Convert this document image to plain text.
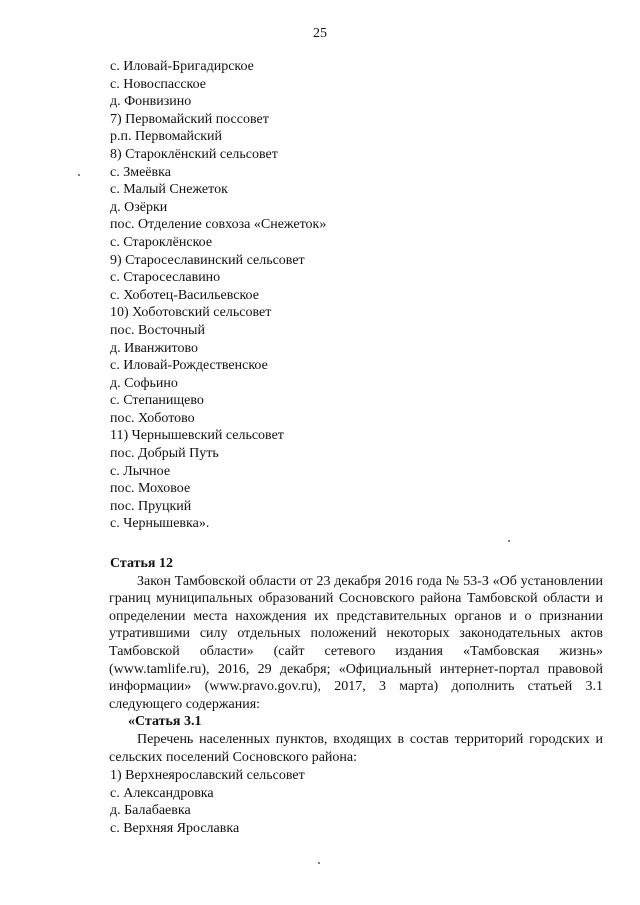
25
с. Иловай-Бригадирское
с. Новоспасское
д. Фонвизино
7) Первомайский поссовет
р.п. Первомайский
8) Староклёнский сельсовет
с. Змеёвка
с. Малый Снежеток
д. Озёрки
пос. Отделение совхоза «Снежеток»
с. Староклёнское
9) Старосеславинский сельсовет
с. Старосеславино
с. Хоботец-Васильевское
10) Хоботовский сельсовет
пос. Восточный
д. Иванжитово
с. Иловай-Рождественское
д. Софьино
с. Степанищево
пос. Хоботово
11) Чернышевский сельсовет
пос. Добрый Путь
с. Лычное
пос. Моховое
пос. Пруцкий
с. Чернышевка».
Статья 12
Закон Тамбовской области от 23 декабря 2016 года № 53-З «Об установлении границ муниципальных образований Сосновского района Тамбовской области и определении места нахождения их представительных органов и о признании утратившими силу отдельных положений некоторых законодательных актов Тамбовской области» (сайт сетевого издания «Тамбовская жизнь» (www.tamlife.ru), 2016, 29 декабря; «Официальный интернет-портал правовой информации» (www.pravo.gov.ru), 2017, 3 марта) дополнить статьей 3.1 следующего содержания:
«Статья 3.1
Перечень населенных пунктов, входящих в состав территорий городских и сельских поселений Сосновского района:
1) Верхнеярославский сельсовет
с. Александровка
д. Балабаевка
с. Верхняя Ярославка
